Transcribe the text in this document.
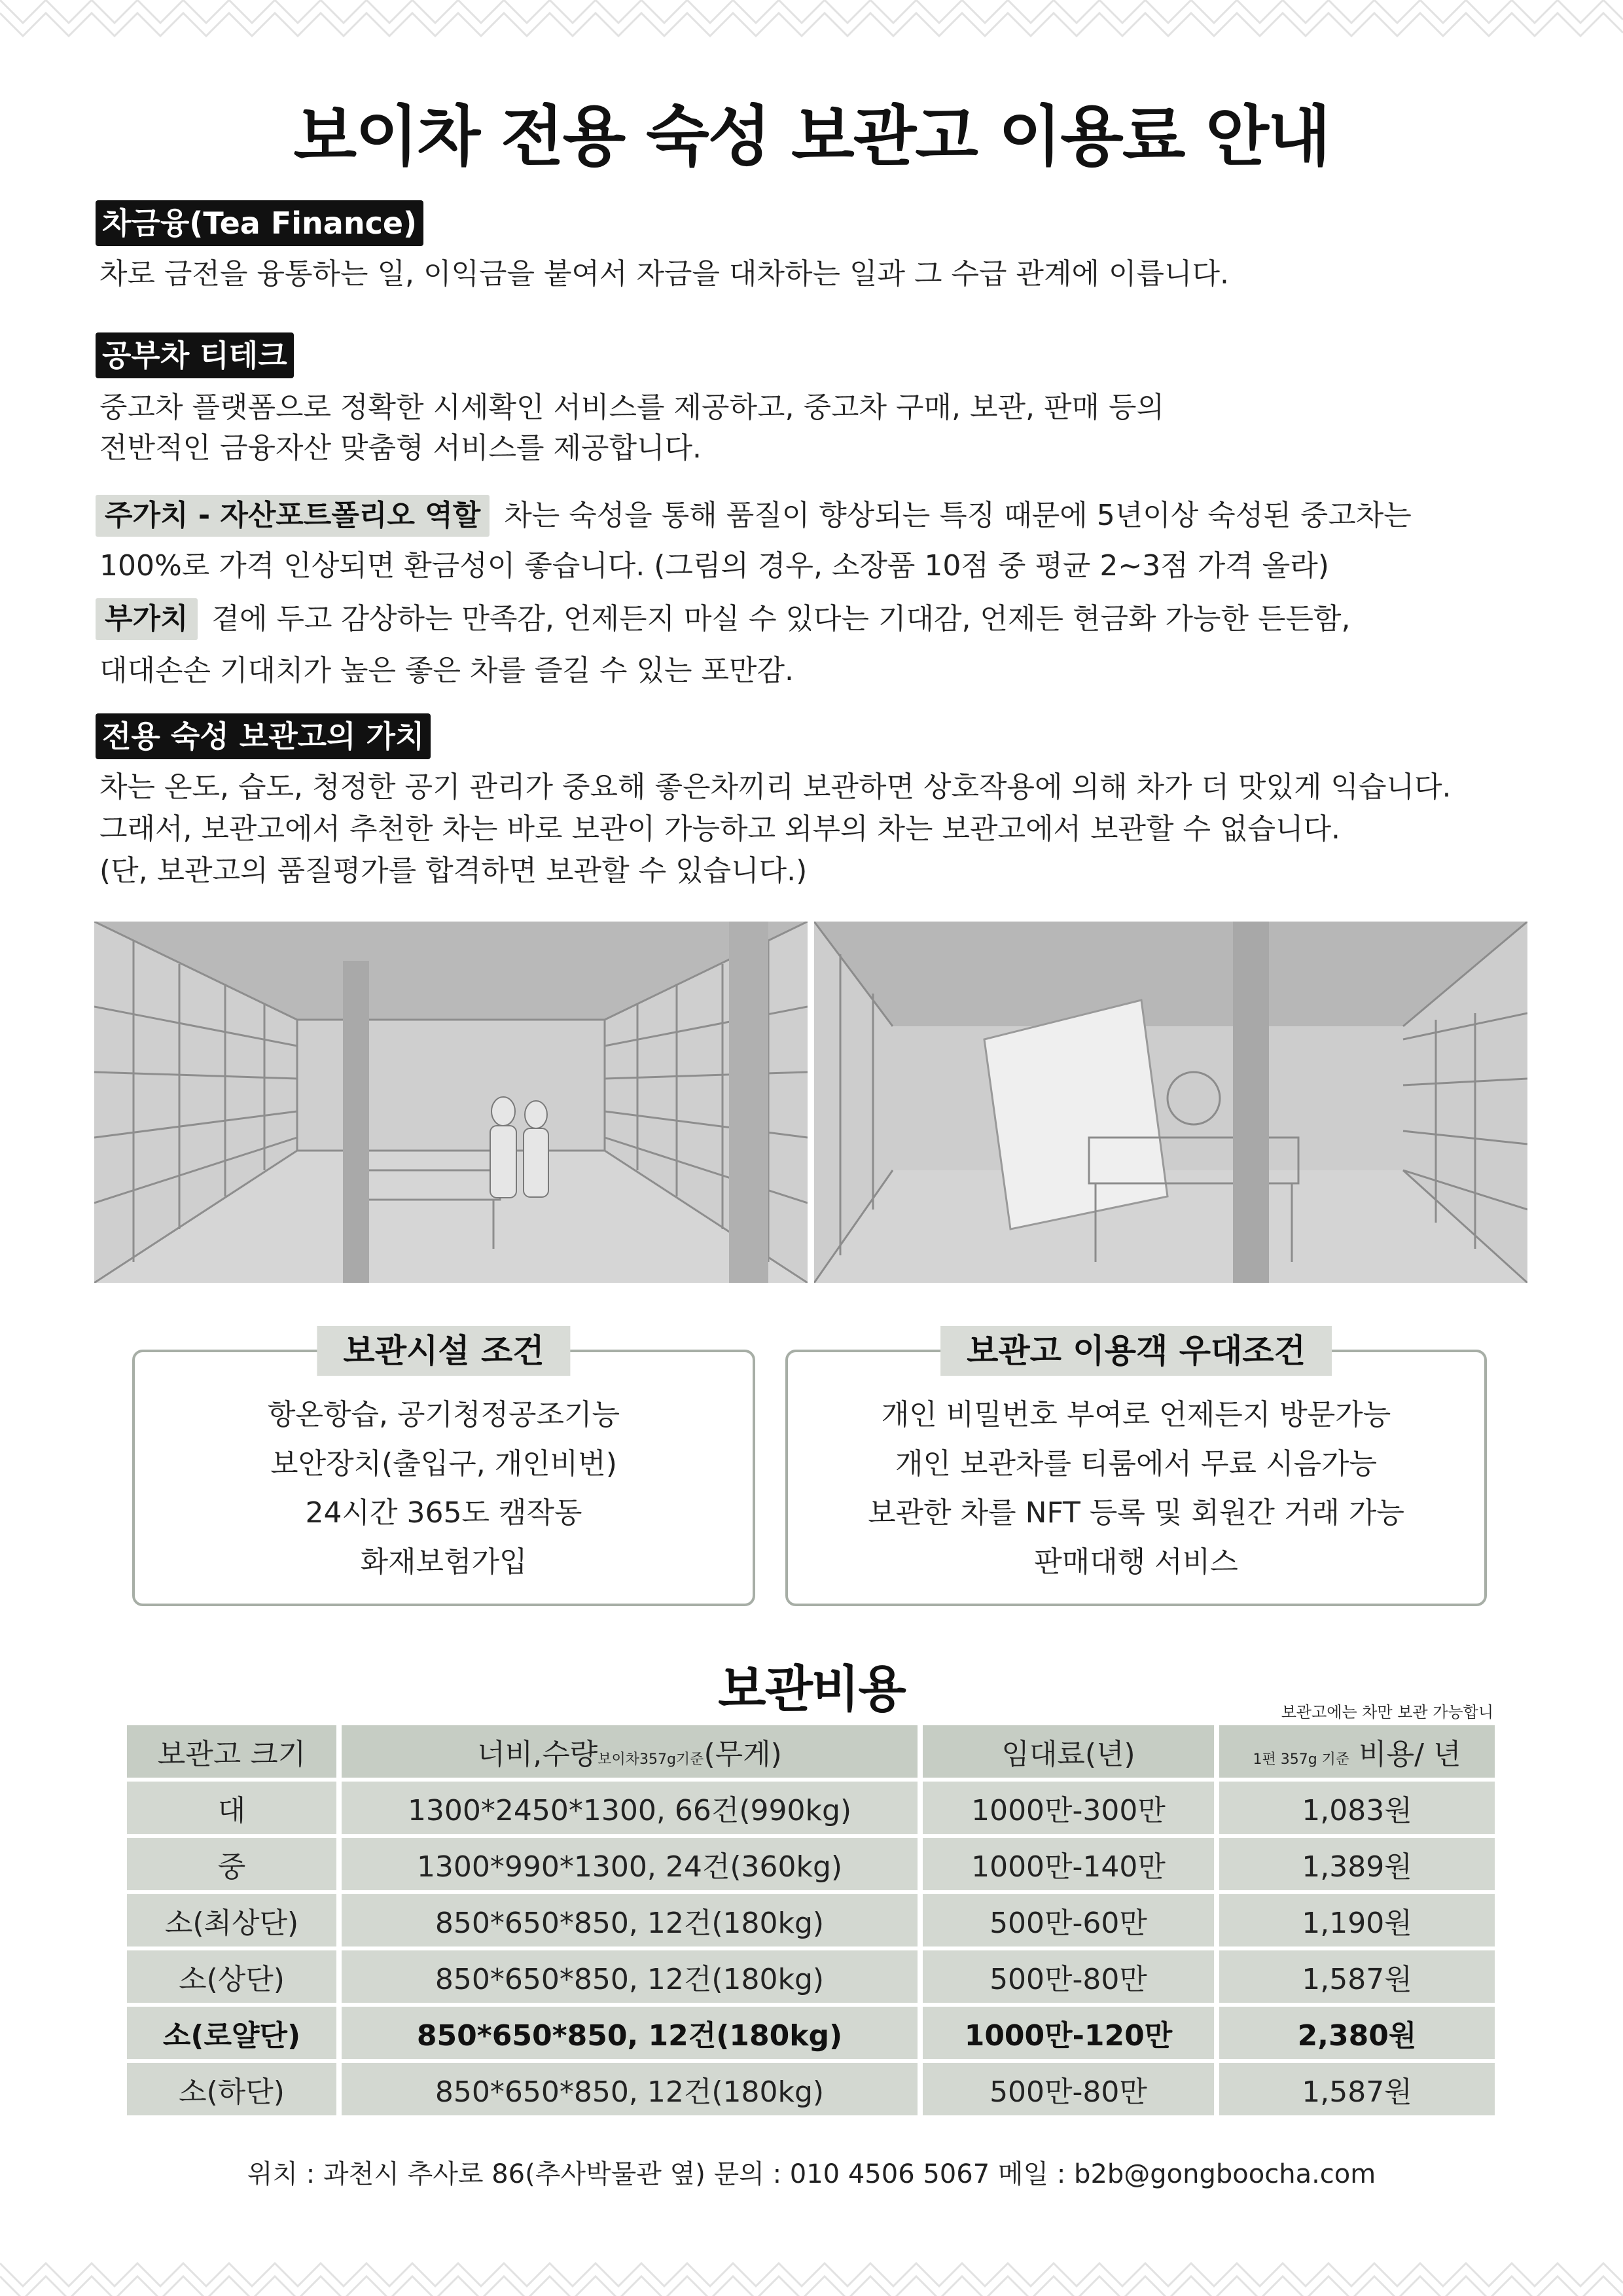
보이차 전용 숙성 보관고 이용료 안내
차금융(Tea Finance)
차로 금전을 융통하는 일, 이익금을 붙여서 자금을 대차하는 일과 그 수급 관계에 이릅니다.
공부차 티테크
중고차 플랫폼으로 정확한 시세확인 서비스를 제공하고, 중고차 구매, 보관, 판매 등의
전반적인 금융자산 맞춤형 서비스를 제공합니다.
주가치 - 자산포트폴리오 역할 차는 숙성을 통해 품질이 향상되는 특징 때문에 5년이상 숙성된 중고차는
100%로 가격 인상되면 환금성이 좋습니다. (그림의 경우, 소장품 10점 중 평균 2~3점 가격 올라)
부가치 곁에 두고 감상하는 만족감, 언제든지 마실 수 있다는 기대감, 언제든 현금화 가능한 든든함,
대대손손 기대치가 높은 좋은 차를 즐길 수 있는 포만감.
전용 숙성 보관고의 가치
차는 온도, 습도, 청정한 공기 관리가 중요해 좋은차끼리 보관하면 상호작용에 의해 차가 더 맛있게 익습니다.
그래서, 보관고에서 추천한 차는 바로 보관이 가능하고 외부의 차는 보관고에서 보관할 수 없습니다.
(단, 보관고의 품질평가를 합격하면 보관할 수 있습니다.)
보관시설 조건
항온항습, 공기청정공조기능
보안장치(출입구, 개인비번)
24시간 365도 캠작동
화재보험가입
보관고 이용객 우대조건
개인 비밀번호 부여로 언제든지 방문가능
개인 보관차를 티룸에서 무료 시음가능
보관한 차를 NFT 등록 및 회원간 거래 가능
판매대행 서비스
보관비용	보관고에는 차만 보관 가능합니
보관고 크기	너비,수량보이차357g기준(무게)	임대료(년)	1편 357g 기준 비용/ 년
대	1300*2450*1300, 66건(990kg)	1000만-300만	1,083원
중	1300*990*1300, 24건(360kg)	1000만-140만	1,389원
소(최상단)	850*650*850, 12건(180kg)	500만-60만	1,190원
소(상단)	850*650*850, 12건(180kg)	500만-80만	1,587원
소(로얄단)	850*650*850, 12건(180kg)	1000만-120만	2,380원
소(하단)	850*650*850, 12건(180kg)	500만-80만	1,587원
위치 : 과천시 추사로 86(추사박물관 옆) 문의 : 010 4506 5067 메일 : b2b@gongboocha.com
